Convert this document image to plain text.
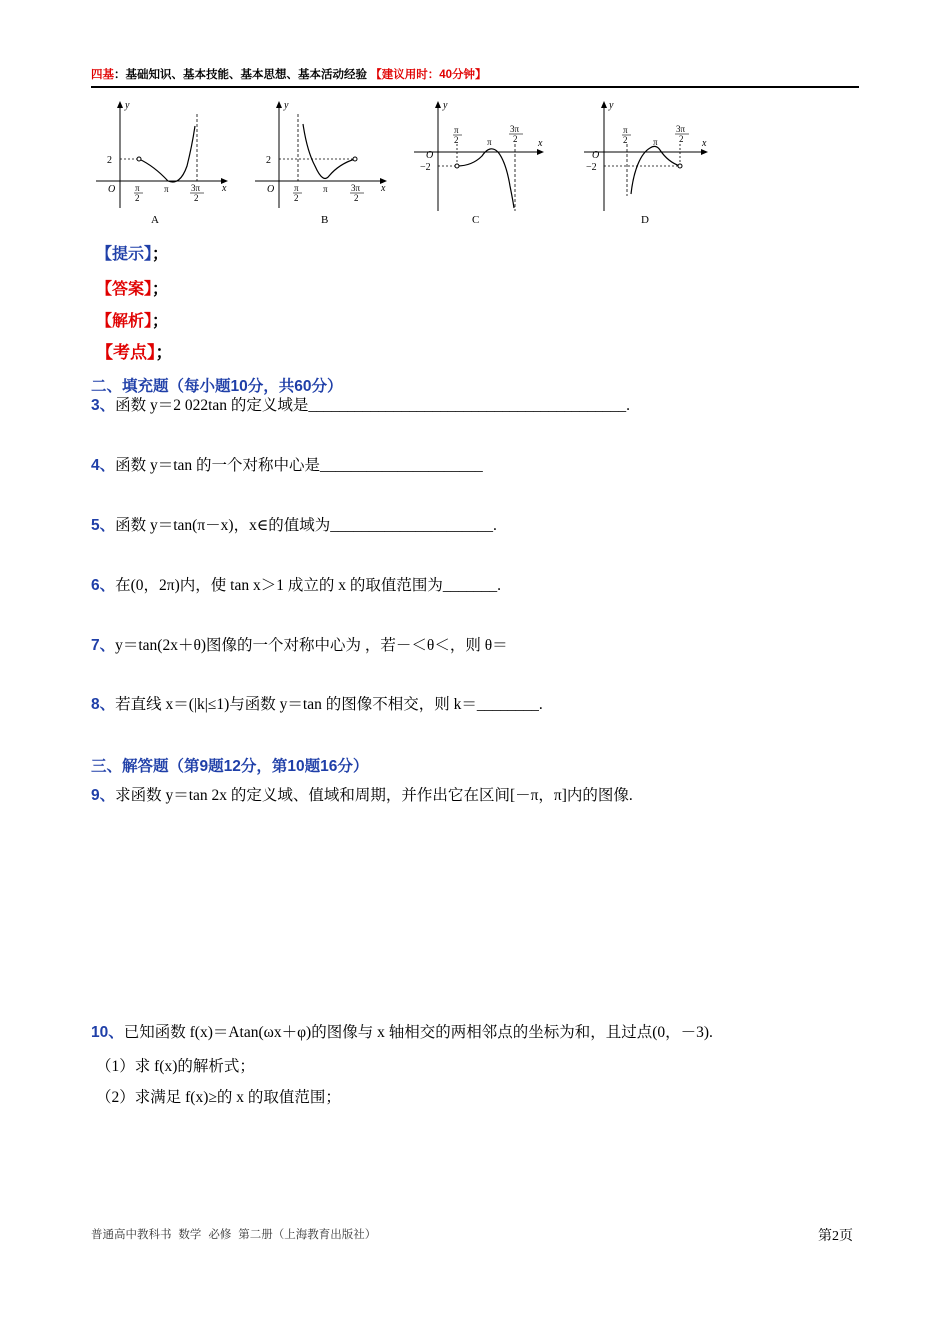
四基：基础知识、基本技能、基本思想、基本活动经验 【建议用时：40分钟】
y
x
O
2
π
2
π 3π
2
A
y
x
O
2
π
2
π	3π
2
B
y
x
O
−2
π
2	π
3π
2
C
y
x
O
−2
π
2	π
3π
2
D
【提示】；
【答案】；
【解析】；
【考点】；
二、填充题（每小题10分，共60分）
3、函数 y＝2 022tan 的定义域是_________________________________________.
4、函数 y＝tan 的一个对称中心是_____________________
5、函数 y＝tan(π－x)，x∈的值域为_____________________.
6、在(0，2π)内，使 tan x＞1 成立的 x 的取值范围为_______.
7、y＝tan(2x＋θ)图像的一个对称中心为 ，若－＜θ＜，则 θ＝
8、若直线 x＝(|k|≤1)与函数 y＝tan 的图像不相交，则 k＝________.
三、解答题（第9题12分，第10题16分）
9、求函数 y＝tan 2x 的定义域、值域和周期，并作出它在区间[－π，π]内的图像.
10、已知函数 f(x)＝Atan(ωx＋φ)的图像与 x 轴相交的两相邻点的坐标为和，且过点(0，－3).
（1）求 f(x)的解析式；
（2）求满足 f(x)≥的 x 的取值范围；
普通高中教科书 数学 必修 第二册（上海教育出版社）	第2页
